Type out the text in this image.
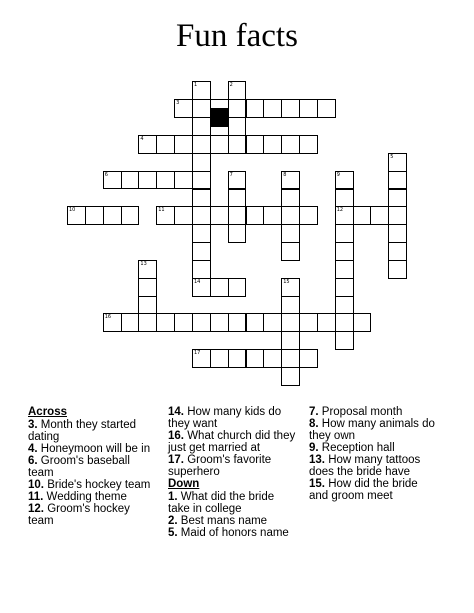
Fun facts
1	2
3
4
5
6	7	8	9
12
10	11
13
14	15
16
17
Across
3. Month they started dating
4. Honeymoon will be in
6. Groom's baseball team
10. Bride's hockey team
11. Wedding theme
12. Groom's hockey team
14. How many kids do they want
16. What church did they just get married at
17. Groom's favorite superhero
Down
1. What did the bride take in college
2. Best mans name
5. Maid of honors name
7. Proposal month
8. How many animals do they own
9. Reception hall
13. How many tattoos does the bride have
15. How did the bride and groom meet
